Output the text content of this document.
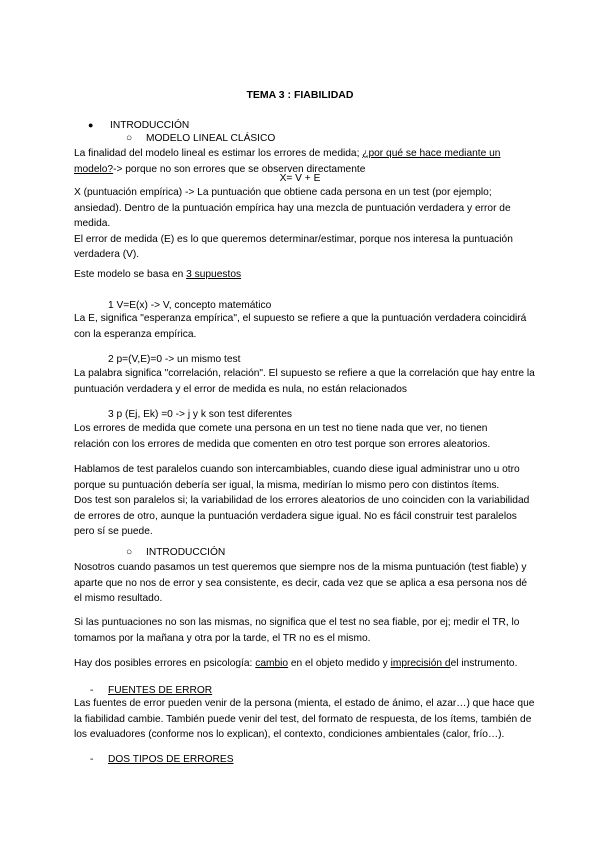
TEMA 3 : FIABILIDAD
● INTRODUCCIÓN
○ MODELO LINEAL CLÁSICO
La finalidad del modelo lineal es estimar los errores de medida; ¿por qué se hace mediante un
modelo?-> porque no son errores que se observen directamente
X= V + E
X (puntuación empírica) -> La puntuación que obtiene cada persona en un test (por ejemplo;
ansiedad). Dentro de la puntuación empírica hay una mezcla de puntuación verdadera y error de
medida.
El error de medida (E) es lo que queremos determinar/estimar, porque nos interesa la puntuación
verdadera (V).
Este modelo se basa en 3 supuestos
1 V=E(x) -> V, concepto matemático
La E, significa "esperanza empírica", el supuesto se refiere a que la puntuación verdadera coincidirá
con la esperanza empírica.
2 p=(V,E)=0 -> un mismo test
La palabra significa "correlación, relación". El supuesto se refiere a que la correlación que hay entre la
puntuación verdadera y el error de medida es nula, no están relacionados
3 p (Ej, Ek) =0 -> j y k son test diferentes
Los errores de medida que comete una persona en un test no tiene nada que ver, no tienen
relación con los errores de medida que comenten en otro test porque son errores aleatorios.
Hablamos de test paralelos cuando son intercambiables, cuando diese igual administrar uno u otro
porque su puntuación debería ser igual, la misma, medirían lo mismo pero con distintos ítems.
Dos test son paralelos si; la variabilidad de los errores aleatorios de uno coinciden con la variabilidad
de errores de otro, aunque la puntuación verdadera sigue igual. No es fácil construir test paralelos
pero sí se puede.
○ INTRODUCCIÓN
Nosotros cuando pasamos un test queremos que siempre nos de la misma puntuación (test fiable) y
aparte que no nos de error y sea consistente, es decir, cada vez que se aplica a esa persona nos dé
el mismo resultado.
Si las puntuaciones no son las mismas, no significa que el test no sea fiable, por ej; medir el TR, lo
tomamos por la mañana y otra por la tarde, el TR no es el mismo.
Hay dos posibles errores en psicología: cambio en el objeto medido y imprecisión del instrumento.
- FUENTES DE ERROR
Las fuentes de error pueden venir de la persona (mienta, el estado de ánimo, el azar…) que hace que
la fiabilidad cambie. También puede venir del test, del formato de respuesta, de los ítems, también de
los evaluadores (conforme nos lo explican), el contexto, condiciones ambientales (calor, frío…).
- DOS TIPOS DE ERRORES
